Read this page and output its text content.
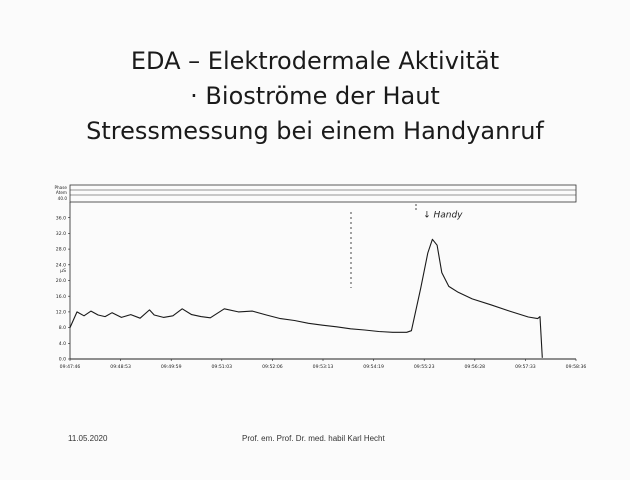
EDA – Elektrodermale Aktivität
· Bioströme der Haut
Stressmessung bei einem Handyanruf
Phase
Atem
40.0
µS
0.0
4.0
8.0
12.0
16.0
20.0
24.0
28.0
32.0
36.0
09:47:46	09:48:53	09:49:59	09:51:03	09:52:06	09:53:13	09:54:19	09:55:23	09:56:28	09:57:33	09:58:36
↓ Handy
11.05.2020	Prof. em. Prof. Dr. med. habil Karl Hecht
